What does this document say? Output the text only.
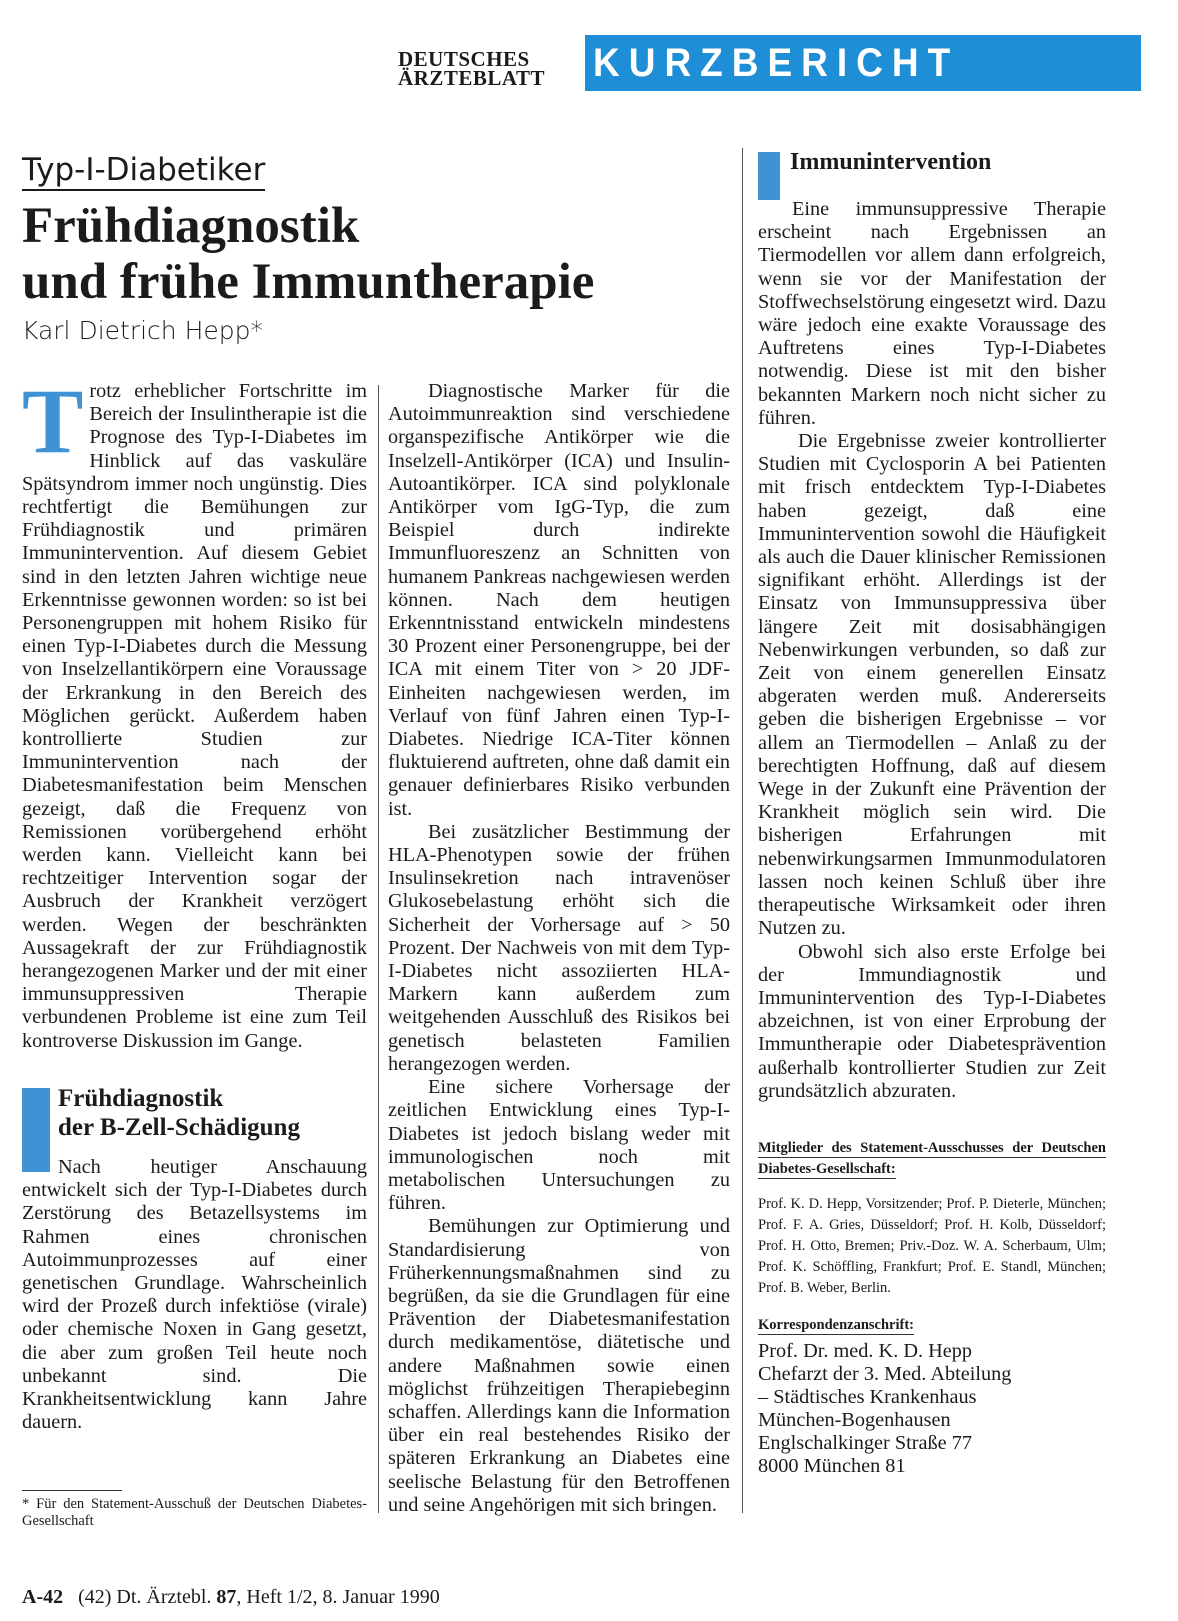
DEUTSCHES
ÄRZTEBLATT	KURZBERICHT
Typ-I-Diabetiker
Frühdiagnostik
und frühe Immuntherapie
Karl Dietrich Hepp*

Trotz erheblicher Fortschritte im Bereich der Insulintherapie ist die Prognose des Typ-I-Diabetes im Hinblick auf das vaskuläre Spätsyndrom immer noch ungünstig. Dies rechtfertigt die Bemühungen zur Frühdiagnostik und primären Immunintervention. Auf diesem Gebiet sind in den letzten Jahren wichtige neue Erkenntnisse gewonnen worden: so ist bei Personengruppen mit hohem Risiko für einen Typ-I-Diabetes durch die Messung von Inselzellantikörpern eine Voraussage der Erkrankung in den Bereich des Möglichen gerückt. Außerdem haben kontrollierte Studien zur Immunintervention nach der Diabetesmanifestation beim Menschen gezeigt, daß die Frequenz von Remissionen vorübergehend erhöht werden kann. Vielleicht kann bei rechtzeitiger Intervention sogar der Ausbruch der Krankheit verzögert werden. Wegen der beschränkten Aussagekraft der zur Frühdiagnostik herangezogenen Marker und der mit einer immunsuppressiven Therapie verbundenen Probleme ist eine zum Teil kontroverse Diskussion im Gange.

Frühdiagnostik
der B-Zell-Schädigung

Nach heutiger Anschauung entwickelt sich der Typ-I-Diabetes durch Zerstörung des Betazellsystems im Rahmen eines chronischen Autoimmunprozesses auf einer genetischen Grundlage. Wahrscheinlich wird der Prozeß durch infektiöse (virale) oder chemische Noxen in Gang gesetzt, die aber zum großen Teil heute noch unbekannt sind. Die Krankheitsentwicklung kann Jahre dauern.

* Für den Statement-Ausschuß der Deutschen Diabetes-Gesellschaft

Diagnostische Marker für die Autoimmunreaktion sind verschiedene organspezifische Antikörper wie die Inselzell-Antikörper (ICA) und Insulin-Autoantikörper. ICA sind polyklonale Antikörper vom IgG-Typ, die zum Beispiel durch indirekte Immunfluoreszenz an Schnitten von humanem Pankreas nachgewiesen werden können. Nach dem heutigen Erkenntnisstand entwickeln mindestens 30 Prozent einer Personengruppe, bei der ICA mit einem Titer von > 20 JDF-Einheiten nachgewiesen werden, im Verlauf von fünf Jahren einen Typ-I-Diabetes. Niedrige ICA-Titer können fluktuierend auftreten, ohne daß damit ein genauer definierbares Risiko verbunden ist.

Bei zusätzlicher Bestimmung der HLA-Phenotypen sowie der frühen Insulinsekretion nach intravenöser Glukosebelastung erhöht sich die Sicherheit der Vorhersage auf > 50 Prozent. Der Nachweis von mit dem Typ-I-Diabetes nicht assoziierten HLA-Markern kann außerdem zum weitgehenden Ausschluß des Risikos bei genetisch belasteten Familien herangezogen werden.

Eine sichere Vorhersage der zeitlichen Entwicklung eines Typ-I-Diabetes ist jedoch bislang weder mit immunologischen noch mit metabolischen Untersuchungen zu führen.

Bemühungen zur Optimierung und Standardisierung von Früherkennungsmaßnahmen sind zu begrüßen, da sie die Grundlagen für eine Prävention der Diabetesmanifestation durch medikamentöse, diätetische und andere Maßnahmen sowie einen möglichst frühzeitigen Therapiebeginn schaffen. Allerdings kann die Information über ein real bestehendes Risiko der späteren Erkrankung an Diabetes eine seelische Belastung für den Betroffenen und seine Angehörigen mit sich bringen.

Immunintervention

Eine immunsuppressive Therapie erscheint nach Ergebnissen an Tiermodellen vor allem dann erfolgreich, wenn sie vor der Manifestation der Stoffwechselstörung eingesetzt wird. Dazu wäre jedoch eine exakte Voraussage des Auftretens eines Typ-I-Diabetes notwendig. Diese ist mit den bisher bekannten Markern noch nicht sicher zu führen.

Die Ergebnisse zweier kontrollierter Studien mit Cyclosporin A bei Patienten mit frisch entdecktem Typ-I-Diabetes haben gezeigt, daß eine Immunintervention sowohl die Häufigkeit als auch die Dauer klinischer Remissionen signifikant erhöht. Allerdings ist der Einsatz von Immunsuppressiva über längere Zeit mit dosisabhängigen Nebenwirkungen verbunden, so daß zur Zeit von einem generellen Einsatz abgeraten werden muß. Andererseits geben die bisherigen Ergebnisse – vor allem an Tiermodellen – Anlaß zu der berechtigten Hoffnung, daß auf diesem Wege in der Zukunft eine Prävention der Krankheit möglich sein wird. Die bisherigen Erfahrungen mit nebenwirkungsarmen Immunmodulatoren lassen noch keinen Schluß über ihre therapeutische Wirksamkeit oder ihren Nutzen zu.

Obwohl sich also erste Erfolge bei der Immundiagnostik und Immunintervention des Typ-I-Diabetes abzeichnen, ist von einer Erprobung der Immuntherapie oder Diabetesprävention außerhalb kontrollierter Studien zur Zeit grundsätzlich abzuraten.

Mitglieder des Statement-Ausschusses der Deutschen Diabetes-Gesellschaft:
Prof. K. D. Hepp, Vorsitzender; Prof. P. Dieterle, München; Prof. F. A. Gries, Düsseldorf; Prof. H. Kolb, Düsseldorf; Prof. H. Otto, Bremen; Priv.-Doz. W. A. Scherbaum, Ulm; Prof. K. Schöffling, Frankfurt; Prof. E. Standl, München; Prof. B. Weber, Berlin.
Korrespondenzanschrift:
Prof. Dr. med. K. D. Hepp
Chefarzt der 3. Med. Abteilung
– Städtisches Krankenhaus
München-Bogenhausen
Englschalkinger Straße 77
8000 München 81
A-42 (42) Dt. Ärztebl. 87, Heft 1/2, 8. Januar 1990
